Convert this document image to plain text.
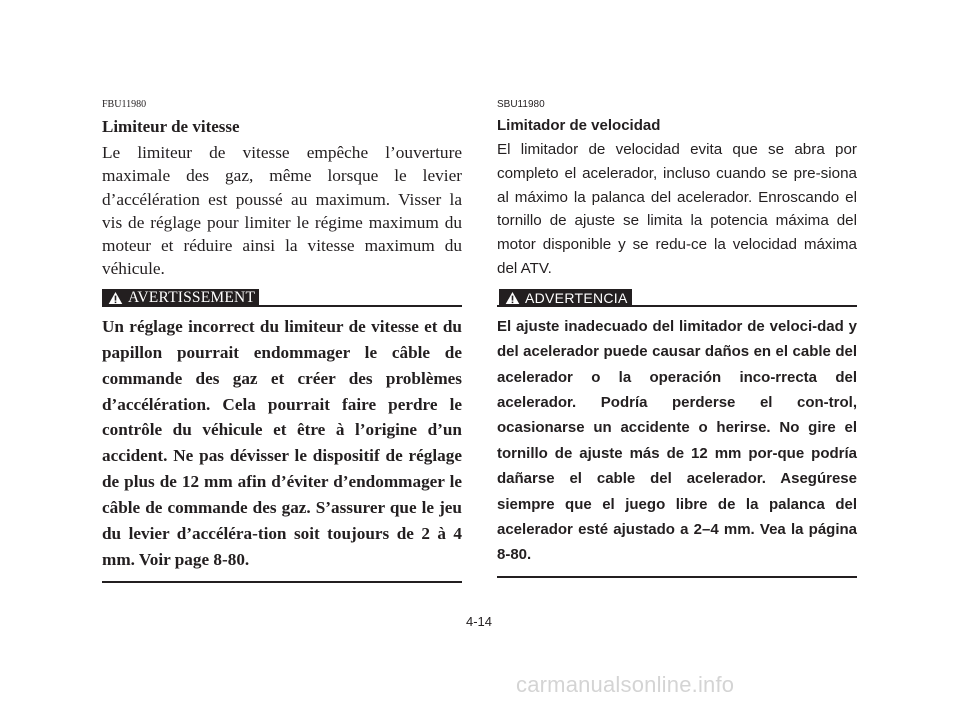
FBU11980
Limiteur de vitesse
Le limiteur de vitesse empêche l’ouverture maximale des gaz, même lorsque le levier d’accélération est poussé au maximum. Visser la vis de réglage pour limiter le régime maximum du moteur et réduire ainsi la vitesse maximum du véhicule.
AVERTISSEMENT
Un réglage incorrect du limiteur de vitesse et du papillon pourrait endommager le câble de commande des gaz et créer des problèmes d’accélération. Cela pourrait faire perdre le contrôle du véhicule et être à l’origine d’un accident. Ne pas dévisser le dispositif de réglage de plus de 12 mm afin d’éviter d’endommager le câble de commande des gaz. S’assurer que le jeu du levier d’accéléra-tion soit toujours de 2 à 4 mm. Voir page 8-80.
SBU11980
Limitador de velocidad
El limitador de velocidad evita que se abra por completo el acelerador, incluso cuando se pre-siona al máximo la palanca del acelerador. Enroscando el tornillo de ajuste se limita la potencia máxima del motor disponible y se redu-ce la velocidad máxima del ATV.
ADVERTENCIA
El ajuste inadecuado del limitador de veloci-dad y del acelerador puede causar daños en el cable del acelerador o la operación inco-rrecta del acelerador. Podría perderse el con-trol, ocasionarse un accidente o herirse. No gire el tornillo de ajuste más de 12 mm por-que podría dañarse el cable del acelerador. Asegúrese siempre que el juego libre de la palanca del acelerador esté ajustado a 2–4 mm. Vea la página 8-80.
4-14
carmanualsonline.info
